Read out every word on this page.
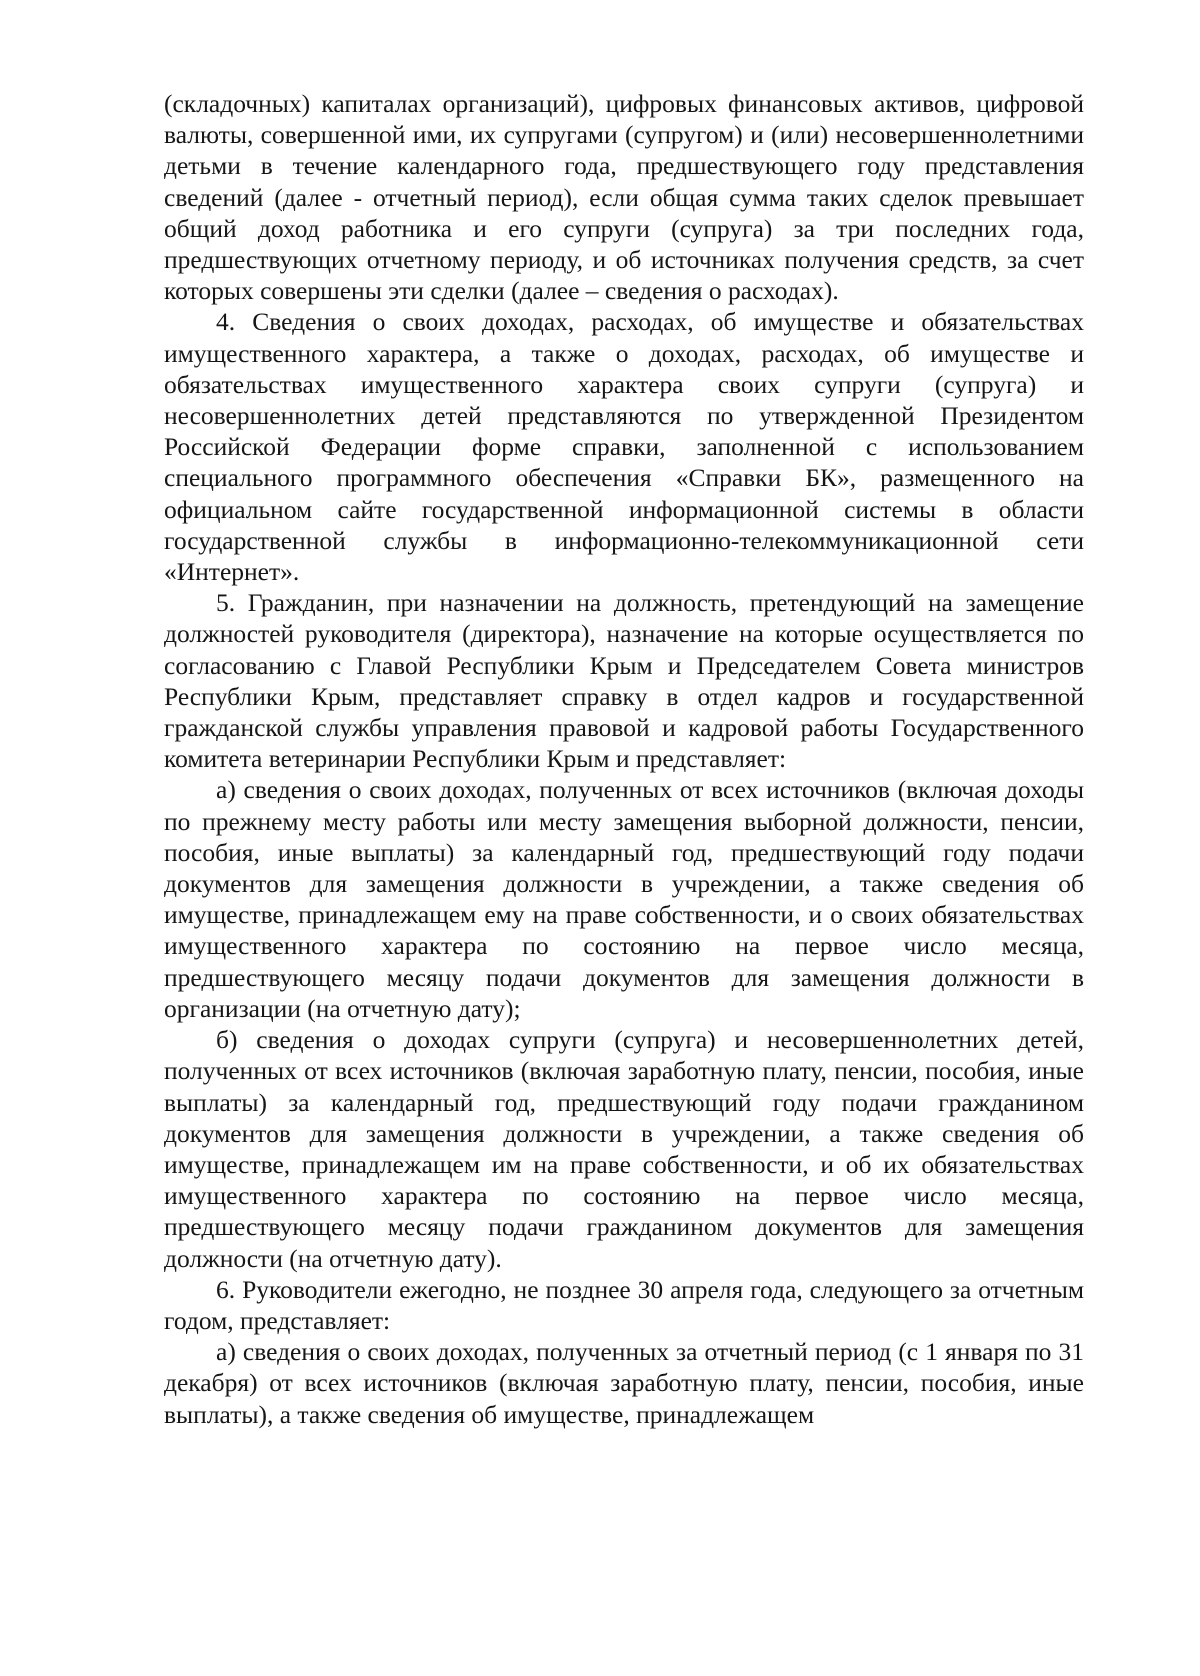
(складочных) капиталах организаций), цифровых финансовых активов, цифровой валюты, совершенной ими, их супругами (супругом) и (или) несовершеннолетними детьми в течение календарного года, предшествующего году представления сведений (далее - отчетный период), если общая сумма таких сделок превышает общий доход работника и его супруги (супруга) за три последних года, предшествующих отчетному периоду, и об источниках получения средств, за счет которых совершены эти сделки (далее – сведения о расходах).

4. Сведения о своих доходах, расходах, об имуществе и обязательствах имущественного характера, а также о доходах, расходах, об имуществе и обязательствах имущественного характера своих супруги (супруга) и несовершеннолетних детей представляются по утвержденной Президентом Российской Федерации форме справки, заполненной с использованием специального программного обеспечения «Справки БК», размещенного на официальном сайте государственной информационной системы в области государственной службы в информационно-телекоммуникационной сети «Интернет».

5. Гражданин, при назначении на должность, претендующий на замещение должностей руководителя (директора), назначение на которые осуществляется по согласованию с Главой Республики Крым и Председателем Совета министров Республики Крым, представляет справку в отдел кадров и государственной гражданской службы управления правовой и кадровой работы Государственного комитета ветеринарии Республики Крым и представляет:

а) сведения о своих доходах, полученных от всех источников (включая доходы по прежнему месту работы или месту замещения выборной должности, пенсии, пособия, иные выплаты) за календарный год, предшествующий году подачи документов для замещения должности в учреждении, а также сведения об имуществе, принадлежащем ему на праве собственности, и о своих обязательствах имущественного характера по состоянию на первое число месяца, предшествующего месяцу подачи документов для замещения должности в организации (на отчетную дату);

б) сведения о доходах супруги (супруга) и несовершеннолетних детей, полученных от всех источников (включая заработную плату, пенсии, пособия, иные выплаты) за календарный год, предшествующий году подачи гражданином документов для замещения должности в учреждении, а также сведения об имуществе, принадлежащем им на праве собственности, и об их обязательствах имущественного характера по состоянию на первое число месяца, предшествующего месяцу подачи гражданином документов для замещения должности (на отчетную дату).

6. Руководители ежегодно, не позднее 30 апреля года, следующего за отчетным годом, представляет:

а) сведения о своих доходах, полученных за отчетный период (с 1 января по 31 декабря) от всех источников (включая заработную плату, пенсии, пособия, иные выплаты), а также сведения об имуществе, принадлежащем
